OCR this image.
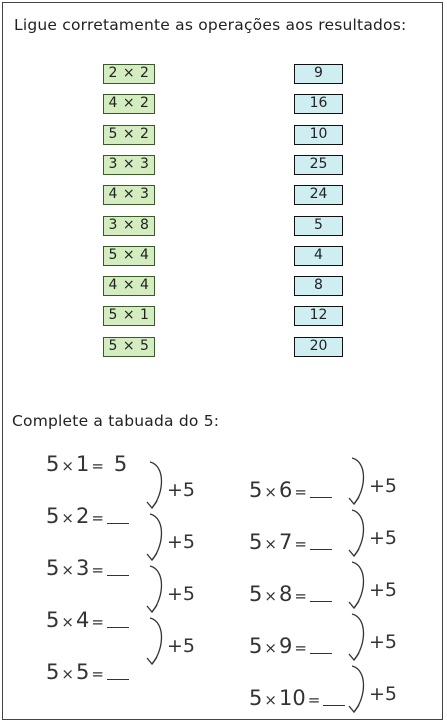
Ligue corretamente as operações aos resultados:
2 × 2	9
4 × 2	16
5 × 2	10
3 × 3	25
4 × 3	24
3 × 8	5
5 × 4	4
4 × 4	8
5 × 1	12
5 × 5	20
Complete a tabuada do 5:
5 ×1 = 5
5 ×2 =
5 ×3 =
5 ×4 =
5 ×5 =
+5
+5
+5
+5
5 ×6 =
5 ×7 =
5 ×8 =
5 ×9 =
5 ×10 =
+5
+5
+5
+5
+5
